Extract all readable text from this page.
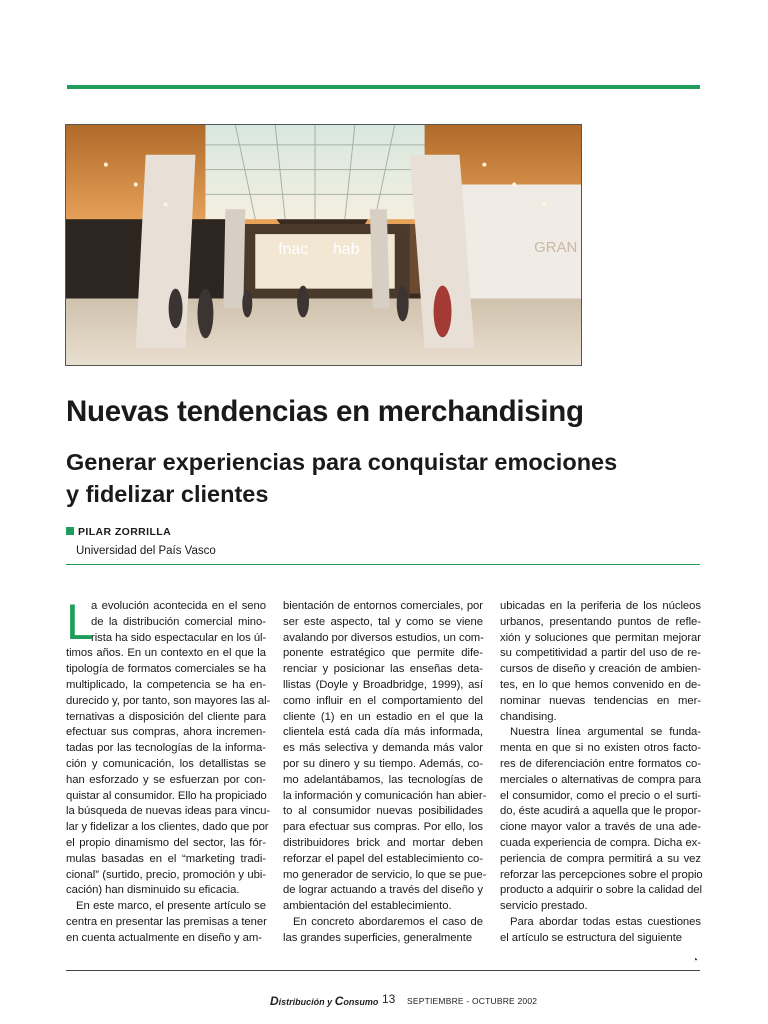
fnac hab	GRAN
Nuevas tendencias en merchandising
Generar experiencias para conquistar emociones
y fidelizar clientes
PILAR ZORRILLA
Universidad del País Vasco
L
a evolución acontecida en el seno
de la distribución comercial mino-
rista ha sido espectacular en los úl-
timos años. En un contexto en el que la
tipología de formatos comerciales se ha
multiplicado, la competencia se ha en-
durecido y, por tanto, son mayores las al-
ternativas a disposición del cliente para
efectuar sus compras, ahora incremen-
tadas por las tecnologías de la informa-
ción y comunicación, los detallistas se
han esforzado y se esfuerzan por con-
quistar al consumidor. Ello ha propiciado
la búsqueda de nuevas ideas para vincu-
lar y fidelizar a los clientes, dado que por
el propio dinamismo del sector, las fór-
mulas basadas en el “marketing tradi-
cional” (surtido, precio, promoción y ubi-
cación) han disminuido su eficacia.
En este marco, el presente artículo se
centra en presentar las premisas a tener
en cuenta actualmente en diseño y am-
bientación de entornos comerciales, por
ser este aspecto, tal y como se viene
avalando por diversos estudios, un com-
ponente estratégico que permite dife-
renciar y posicionar las enseñas deta-
llistas (Doyle y Broadbridge, 1999), así
como influir en el comportamiento del
cliente (1) en un estadio en el que la
clientela está cada día más informada,
es más selectiva y demanda más valor
por su dinero y su tiempo. Además, co-
mo adelantábamos, las tecnologías de
la información y comunicación han abier-
to al consumidor nuevas posibilidades
para efectuar sus compras. Por ello, los
distribuidores brick and mortar deben
reforzar el papel del establecimiento co-
mo generador de servicio, lo que se pue-
de lograr actuando a través del diseño y
ambientación del establecimiento.
En concreto abordaremos el caso de
las grandes superficies, generalmente
ubicadas en la periferia de los núcleos
urbanos, presentando puntos de refle-
xión y soluciones que permitan mejorar
su competitividad a partir del uso de re-
cursos de diseño y creación de ambien-
tes, en lo que hemos convenido en de-
nominar nuevas tendencias en mer-
chandising.
Nuestra línea argumental se funda-
menta en que si no existen otros facto-
res de diferenciación entre formatos co-
merciales o alternativas de compra para
el consumidor, como el precio o el surti-
do, éste acudirá a aquella que le propor-
cione mayor valor a través de una ade-
cuada experiencia de compra. Dicha ex-
periencia de compra permitirá a su vez
reforzar las percepciones sobre el propio
producto a adquirir o sobre la calidad del
servicio prestado.
Para abordar todas estas cuestiones
el artículo se estructura del siguiente
◔
Distribución y Consumo 13 SEPTIEMBRE - OCTUBRE 2002
